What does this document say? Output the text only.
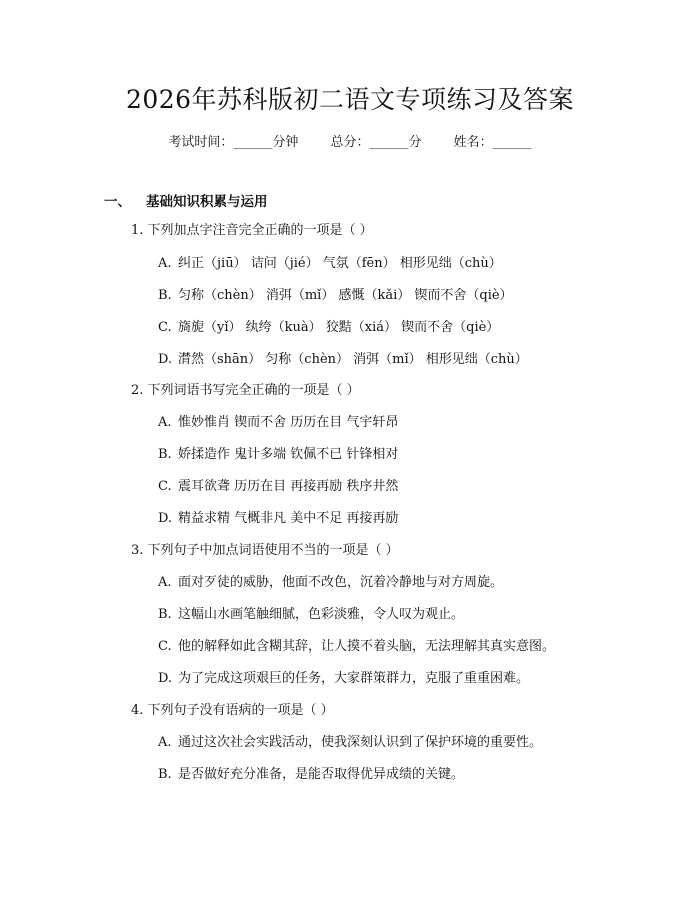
2026年苏科版初二语文专项练习及答案
考试时间：______分钟 总分：______分 姓名：______
一、 基础知识积累与运用
1. 下列加点字注音完全正确的一项是（ ）
A. 纠正（jiū） 诘问（jié） 气氛（fēn） 相形见绌（chù）
B. 匀称（chèn） 消弭（mǐ） 感慨（kǎi） 锲而不舍（qiè）
C. 旖旎（yǐ） 纨绔（kuà） 狡黠（xiá） 锲而不舍（qiè）
D. 潸然（shān） 匀称（chèn） 消弭（mǐ） 相形见绌（chù）
2. 下列词语书写完全正确的一项是（ ）
A. 惟妙惟肖 锲而不舍 历历在目 气宇轩昂
B. 娇揉造作 鬼计多端 钦佩不已 针锋相对
C. 震耳欲聋 历历在目 再接再励 秩序井然
D. 精益求精 气概非凡 美中不足 再接再励
3. 下列句子中加点词语使用不当的一项是（ ）
A. 面对歹徒的威胁，他面不改色，沉着冷静地与对方周旋。
B. 这幅山水画笔触细腻，色彩淡雅，令人叹为观止。
C. 他的解释如此含糊其辞，让人摸不着头脑，无法理解其真实意图。
D. 为了完成这项艰巨的任务，大家群策群力，克服了重重困难。
4. 下列句子没有语病的一项是（ ）
A. 通过这次社会实践活动，使我深刻认识到了保护环境的重要性。
B. 是否做好充分准备，是能否取得优异成绩的关键。
